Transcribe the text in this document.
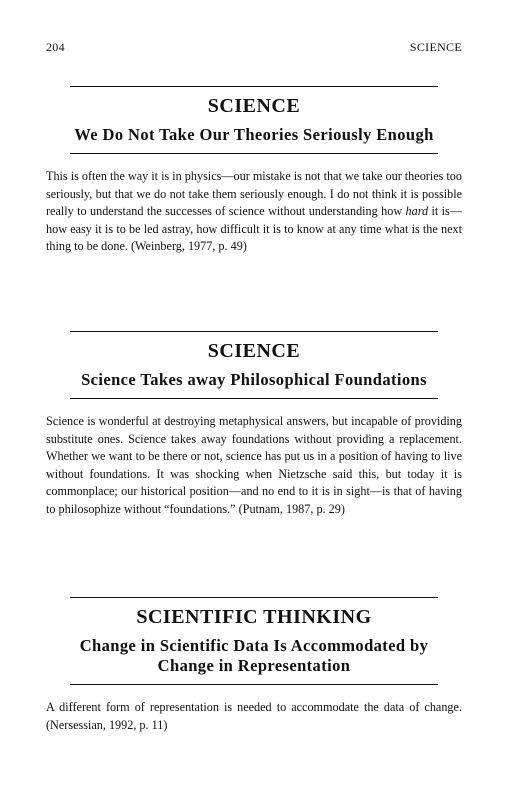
204	SCIENCE
SCIENCE
We Do Not Take Our Theories Seriously Enough

This is often the way it is in physics—our mistake is not that we take our theories too seriously, but that we do not take them seriously enough. I do not think it is possible really to understand the successes of science without understanding how hard it is—how easy it is to be led astray, how difficult it is to know at any time what is the next thing to be done. (Weinberg, 1977, p. 49)

SCIENCE
Science Takes away Philosophical Foundations

Science is wonderful at destroying metaphysical answers, but incapable of providing substitute ones. Science takes away foundations without providing a replacement. Whether we want to be there or not, science has put us in a position of having to live without foundations. It was shocking when Nietzsche said this, but today it is commonplace; our historical position—and no end to it is in sight—is that of having to philosophize without “foundations.” (Putnam, 1987, p. 29)

SCIENTIFIC THINKING
Change in Scientific Data Is Accommodated by Change in Representation

A different form of representation is needed to accommodate the data of change. (Nersessian, 1992, p. 11)
